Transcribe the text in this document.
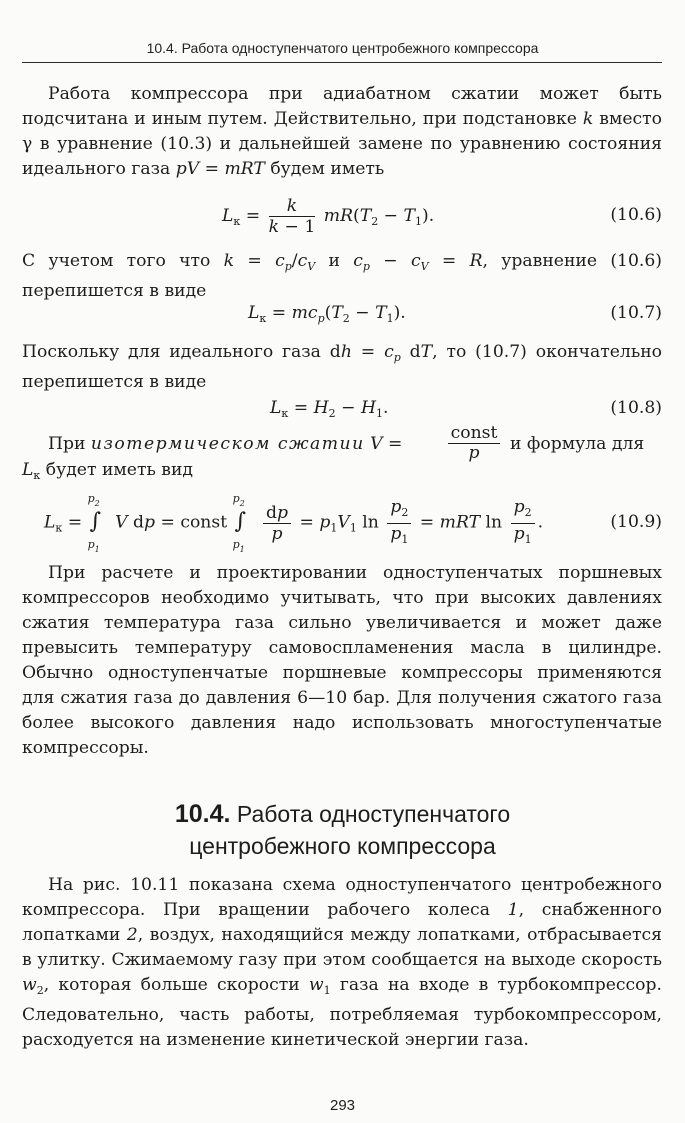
10.4. Работа одноступенчатого центробежного компрессора

Работа компрессора при адиабатном сжатии может быть подсчитана и иным путем. Действительно, при подстановке k вместо γ в уравнение (10.3) и дальнейшей замене по уравнению состояния идеального газа pV = mRT будем иметь

$L_к = \frac{k}{k - 1} mR(T_2 - T_1)$.	(10.6)

С учетом того что $k = c_p/c_V$ и $c_p - c_V = R$, уравнение (10.6) перепишется в виде

$L_к = mc_p(T_2 - T_1)$.	(10.7)

Поскольку для идеального газа dh = $c_p$ dT, то (10.7) окончательно перепишется в виде

$L_к = H_2 - H_1$.	(10.8)
При изотермическом сжатии V =
const
p	и формула для
$L_к$ будет иметь вид
$L_к$ =
$p_2$
∫
$p_1$
V dp = const
$p_2$
∫
$p_1$

$\frac{dp}{p} = p_1V_1$ $\ln \frac{p_2}{p_1}$ = mRT $\ln \frac{p_2}{p_1}$ .	(10.9)

При расчете и проектировании одноступенчатых поршневых компрессоров необходимо учитывать, что при высоких давлениях сжатия температура газа сильно увеличивается и может даже превысить температуру самовоспламенения масла в цилиндре. Обычно одноступенчатые поршневые компрессоры применяются для сжатия газа до давления 6—10 бар. Для получения сжатого газа более высокого давления надо использовать многоступенчатые компрессоры.

10.4. Работа одноступенчатого
центробежного компрессора

На рис. 10.11 показана схема одноступенчатого центробежного компрессора. При вращении рабочего колеса 1, снабженного лопатками 2, воздух, находящийся между лопатками, отбрасывается в улитку. Сжимаемому газу при этом сообщается на выходе скорость $w_2$, которая больше скорости $w_1$ газа на входе в турбокомпрессор. Следовательно, часть работы, потребляемая турбокомпрессором, расходуется на изменение кинетической энергии газа.

293
